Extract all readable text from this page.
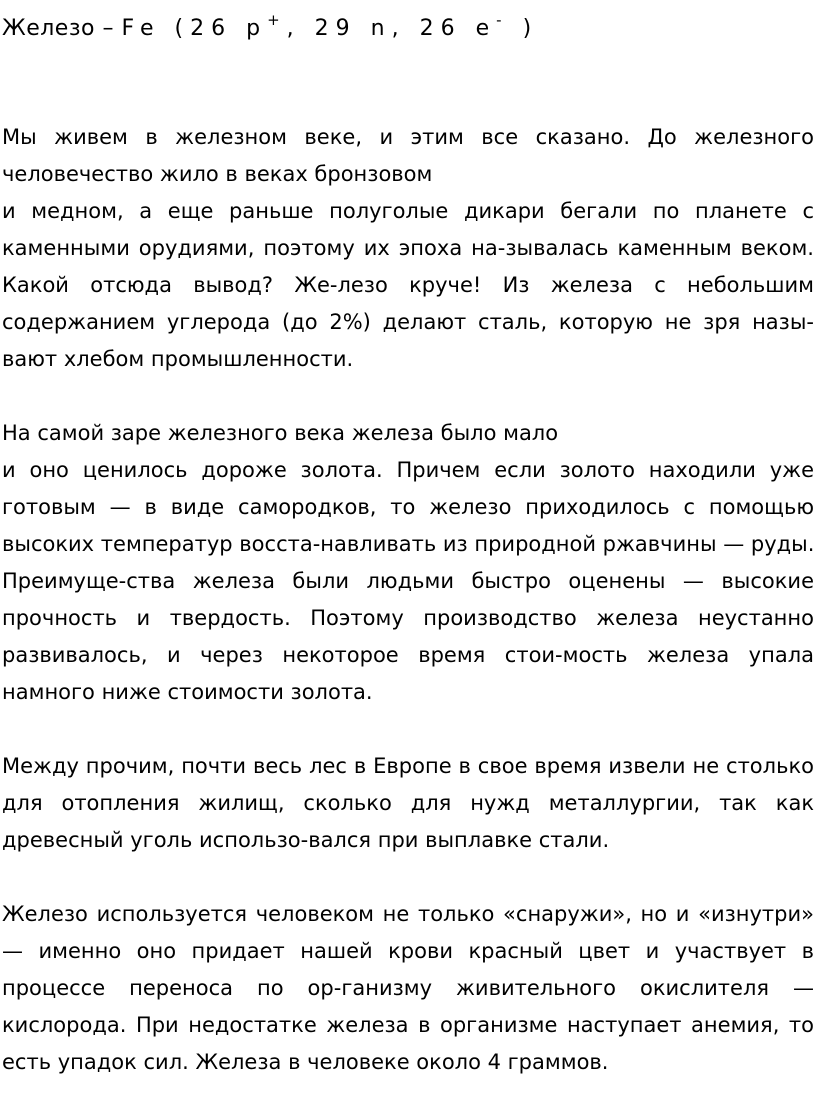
Железо – Fe (26 p+, 29 n, 26 e- )
Мы живем в железном веке, и этим все сказано. До железного
человечество жило в веках бронзовом
и медном, а еще раньше полуголые дикари бегали по планете с
каменными орудиями, поэтому их эпоха на-зывалась каменным веком.
Какой отсюда вывод? Же-лезо круче! Из железа с небольшим
содержанием углерода (до 2%) делают сталь, которую не зря назы-
вают хлебом промышленности.
На самой заре железного века железа было мало
и оно ценилось дороже золота. Причем если золото находили уже
готовым — в виде самородков, то железо приходилось с помощью
высоких температур восста-навливать из природной ржавчины — руды.
Преимуще-ства железа были людьми быстро оценены — высокие
прочность и твердость. Поэтому производство железа неустанно
развивалось, и через некоторое время стои-мость железа упала
намного ниже стоимости золота.
Между прочим, почти весь лес в Европе в свое время извели не столько
для отопления жилищ, сколько для нужд металлургии, так как
древесный уголь использо-вался при выплавке стали.
Железо используется человеком не только «снаружи», но и «изнутри»
— именно оно придает нашей крови красный цвет и участвует в
процессе переноса по ор-ганизму живительного окислителя —
кислорода. При недостатке железа в организме наступает анемия, то
есть упадок сил. Железа в человеке около 4 граммов.
